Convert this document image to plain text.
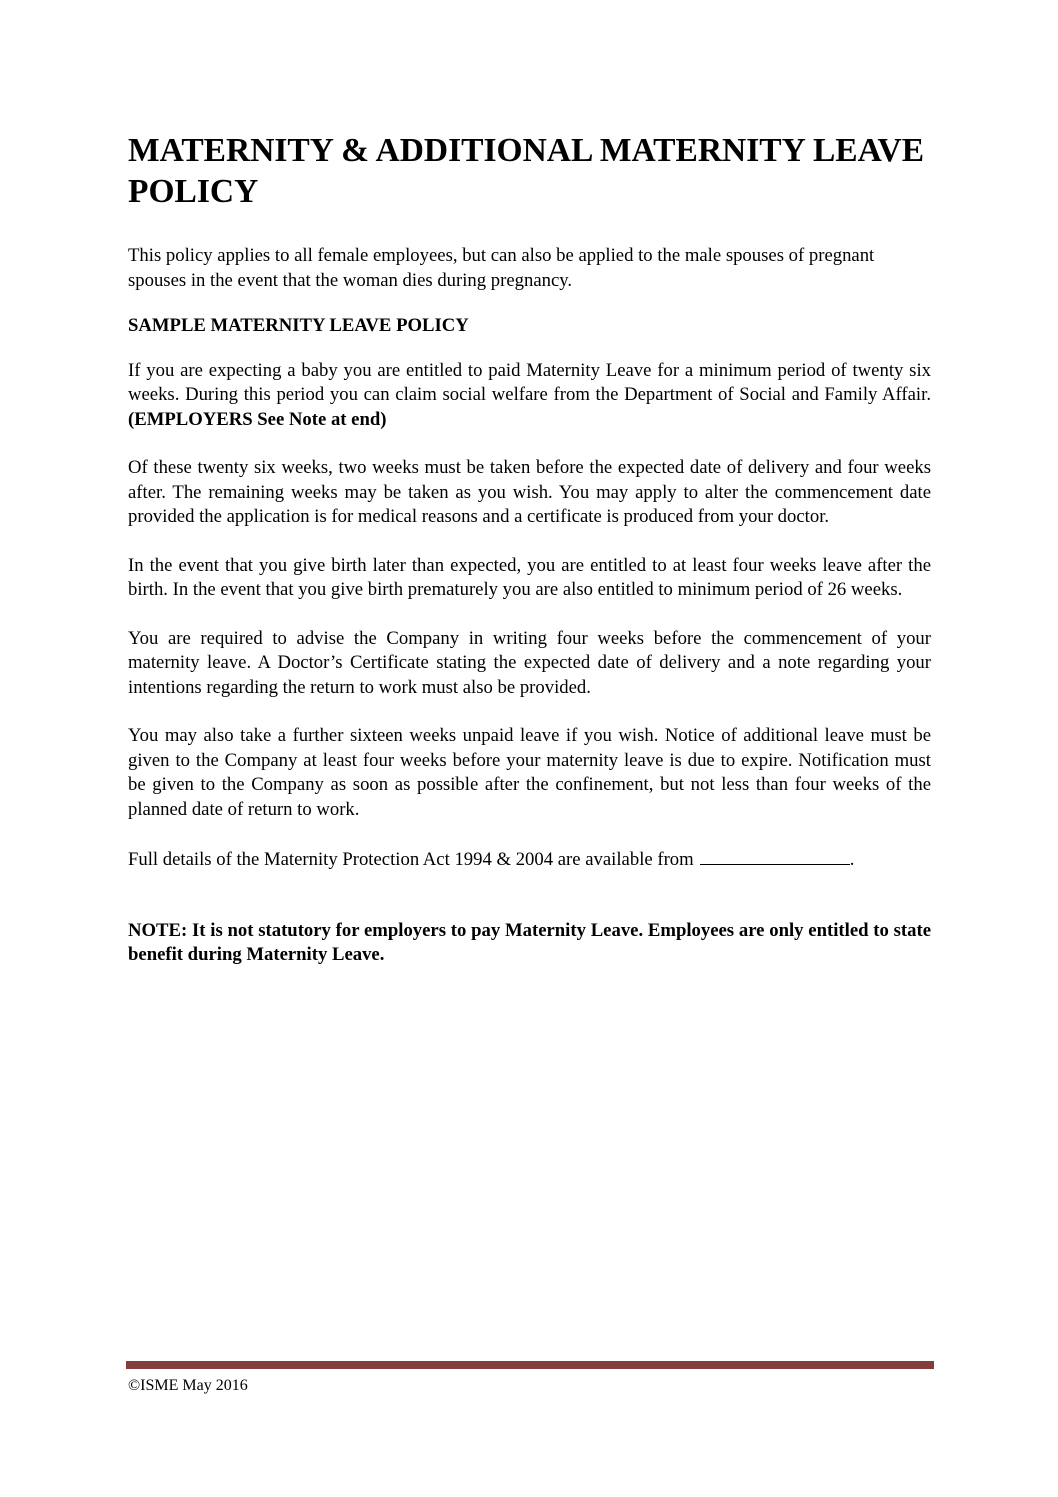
MATERNITY & ADDITIONAL MATERNITY LEAVE POLICY

This policy applies to all female employees, but can also be applied to the male spouses of pregnant spouses in the event that the woman dies during pregnancy.

SAMPLE MATERNITY LEAVE POLICY

If you are expecting a baby you are entitled to paid Maternity Leave for a minimum period of twenty six weeks. During this period you can claim social welfare from the Department of Social and Family Affair. (EMPLOYERS See Note at end)

Of these twenty six weeks, two weeks must be taken before the expected date of delivery and four weeks after. The remaining weeks may be taken as you wish. You may apply to alter the commencement date provided the application is for medical reasons and a certificate is produced from your doctor.

In the event that you give birth later than expected, you are entitled to at least four weeks leave after the birth. In the event that you give birth prematurely you are also entitled to minimum period of 26 weeks.

You are required to advise the Company in writing four weeks before the commencement of your maternity leave. A Doctor’s Certificate stating the expected date of delivery and a note regarding your intentions regarding the return to work must also be provided.

You may also take a further sixteen weeks unpaid leave if you wish. Notice of additional leave must be given to the Company at least four weeks before your maternity leave is due to expire. Notification must be given to the Company as soon as possible after the confinement, but not less than four weeks of the planned date of return to work.

Full details of the Maternity Protection Act 1994 & 2004 are available from	.

NOTE: It is not statutory for employers to pay Maternity Leave. Employees are only entitled to state benefit during Maternity Leave.

©ISME May 2016
